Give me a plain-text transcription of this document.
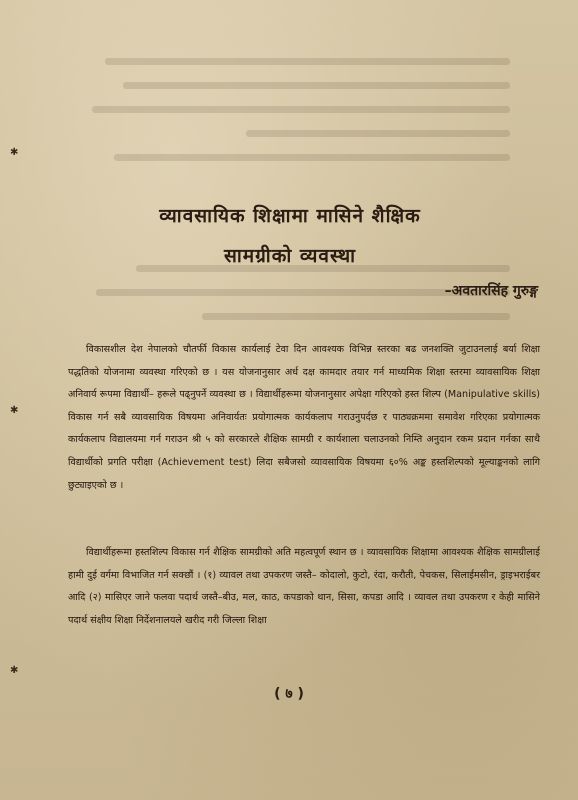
✱
✱
✱
व्यावसायिक शिक्षामा मासिने शैक्षिक
सामग्रीको व्यवस्था
–अवतारसिंह गुरुङ्ग
विकासशील देश नेपालको चौतर्फी विकास कार्यलाई टेवा दिन आवश्यक विभिन्न स्तरका बढ जनशक्ति जुटाउनलाई बर्या शिक्षा पद्धतिको योजनामा व्यवस्था गरिएको छ । यस योजनानुसार अर्ध दक्ष कामदार तयार गर्न माध्यमिक शिक्षा स्तरमा व्यावसायिक शिक्षा अनिवार्य रूपमा विद्यार्थी– हरूले पढ्नुपर्ने व्यवस्था छ । विद्यार्थीहरूमा योजनानुसार अपेक्षा गरिएको हस्त शिल्प (Manipulative skills) विकास गर्न सबै व्यावसायिक विषयमा अनिवार्यतः प्रयोगात्मक कार्यकलाप गराउनुपर्दछ र पाठ्यक्रममा समावेश गरिएका प्रयोगात्मक कार्यकलाप विद्यालयमा गर्न गराउन श्री ५ को सरकारले शैक्षिक सामग्री र कार्यशाला चलाउनको निम्ति अनुदान रकम प्रदान गर्नका साथै विद्यार्थीको प्रगति परीक्षा (Achievement test) लिदा सबैजसो व्यावसायिक विषयमा ६०% अङ्क हस्तशिल्पको मूल्याङ्कनको लागि छुट्याइएको छ ।
विद्यार्थीहरूमा हस्तशिल्प विकास गर्न शैक्षिक सामग्रीको अति महत्वपूर्ण स्थान छ । व्यावसायिक शिक्षामा आवश्यक शैक्षिक सामग्रीलाई हामी दुई वर्गमा विभाजित गर्न सक्छौं । (१) व्यावल तथा उपकरण जस्तै– कोदालो, कुटो, रंदा, करौती, पेचकस, सिलाईमसीन, ड्राइभराईबर आदि (२) मासिएर जाने फलवा पदार्थ जस्तै–बीउ, मल, काठ, कपडाको थान, सिसा, कपडा आदि । व्यावल तथा उपकरण र केही मासिने पदार्थ संक्षीय शिक्षा निर्देशनालयले खरीद गरी जिल्ला शिक्षा
( ७ )
